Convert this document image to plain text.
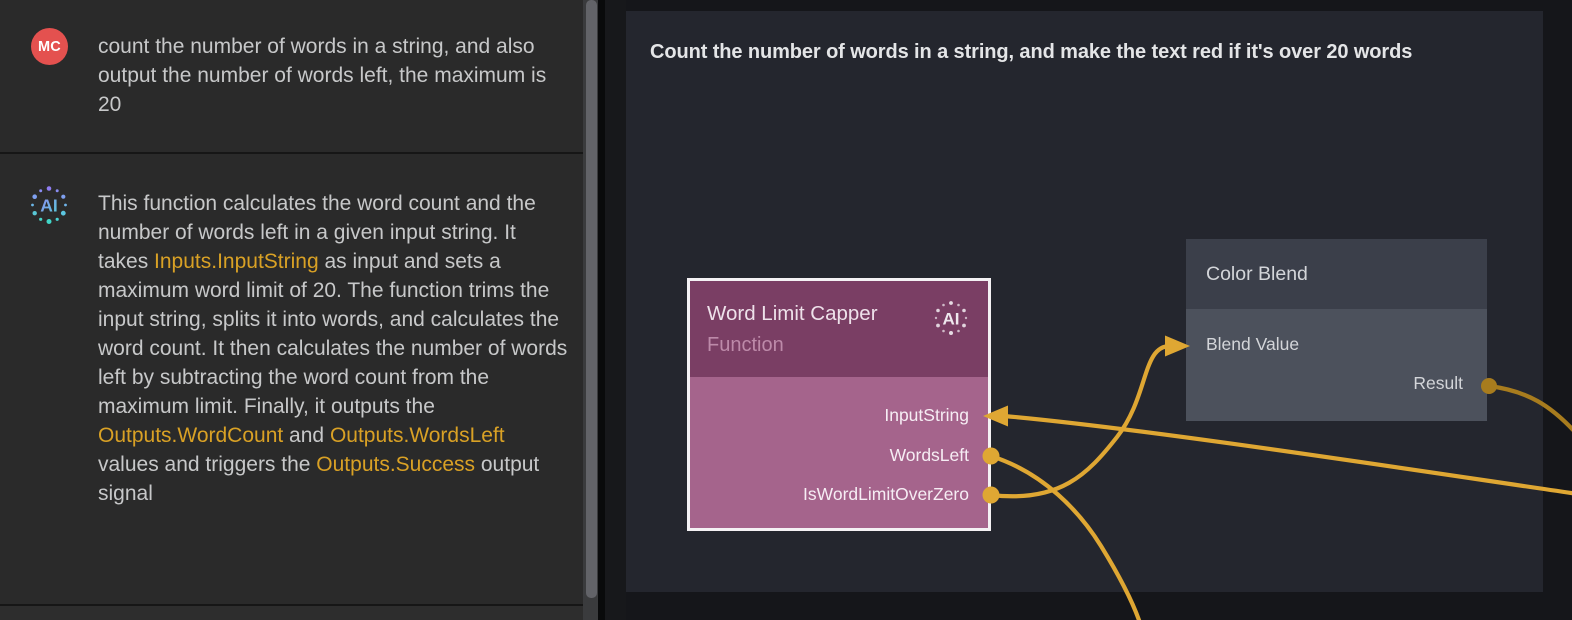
MC	count the number of words in a string, and also output the number of words left, the maximum is 20
AI This function calculates the word count and the number of words left in a given input string. It takes Inputs.InputString as input and sets a maximum word limit of 20. The function trims the input string, splits it into words, and calculates the word count. It then calculates the number of words left by subtracting the word count from the maximum limit. Finally, it outputs the Outputs.WordCount and Outputs.WordsLeft values and triggers the Outputs.Success output signal
Count the number of words in a string, and make the text red if it's over 20 words
Word Limit Capper
Function
AI
InputString
WordsLeft
IsWordLimitOverZero
Color Blend
Blend Value
Result
